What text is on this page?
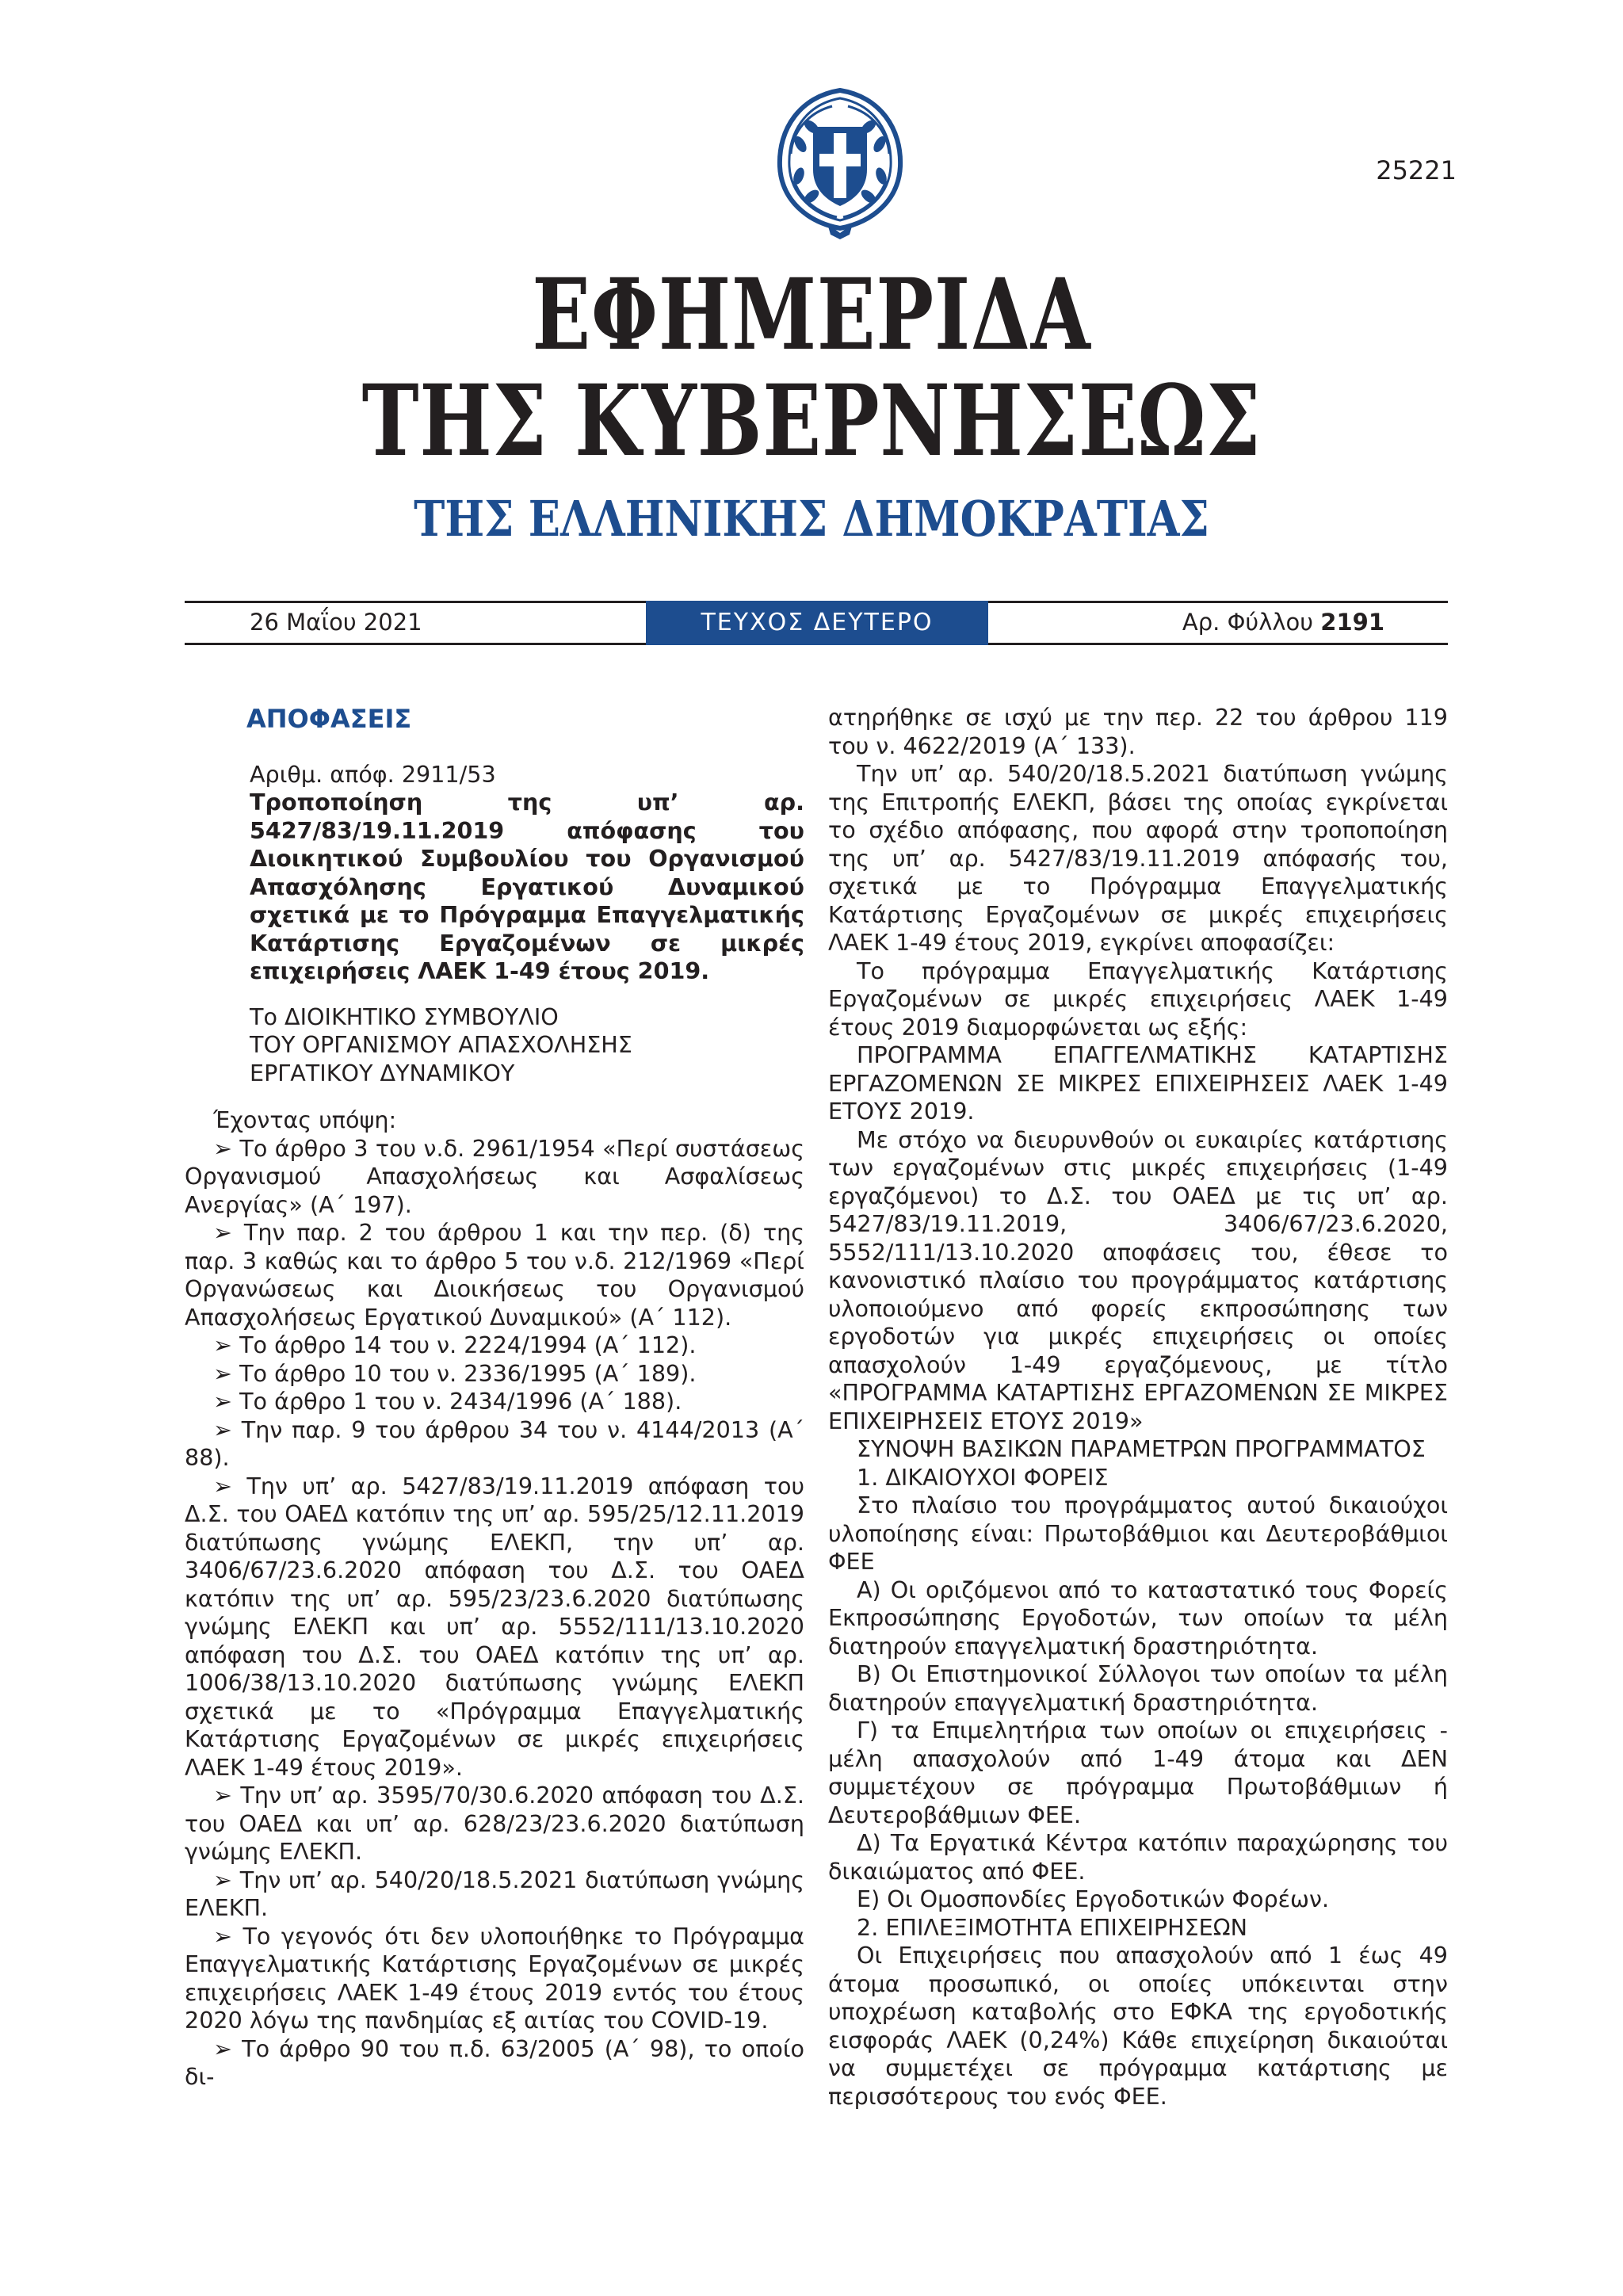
25221
ΕΦΗΜΕΡΙΔΑ
ΤΗΣ ΚΥΒΕΡΝΗΣΕΩΣ
ΤΗΣ ΕΛΛΗΝΙΚΗΣ ΔΗΜΟΚΡΑΤΙΑΣ
26 Μαΐου 2021	ΤΕΥΧΟΣ ΔΕΥΤΕΡΟ	Αρ. Φύλλου 2191

ΑΠΟΦΑΣΕΙΣ

Αριθμ. απόφ. 2911/53

Τροποποίηση της υπ’ αρ. 5427/83/19.11.2019 απόφασης του Διοικητικού Συμβουλίου του Οργανισμού Απασχόλησης Εργατικού Δυναμικού σχετικά με το Πρόγραμμα Επαγγελματικής Κατάρτισης Εργαζομένων σε μικρές επιχειρήσεις ΛΑΕΚ 1-49 έτους 2019.

Το ΔΙΟΙΚΗΤΙΚΟ ΣΥΜΒΟΥΛΙΟ

ΤΟΥ ΟΡΓΑΝΙΣΜΟΥ ΑΠΑΣΧΟΛΗΣΗΣ

ΕΡΓΑΤΙΚΟΥ ΔΥΝΑΜΙΚΟΥ

Έχοντας υπόψη:

➢ Το άρθρο 3 του ν.δ. 2961/1954 «Περί συστάσεως Οργανισμού Απασχολήσεως και Ασφαλίσεως Ανεργίας» (Α΄ 197).

➢ Την παρ. 2 του άρθρου 1 και την περ. (δ) της παρ. 3 καθώς και το άρθρο 5 του ν.δ. 212/1969 «Περί Οργανώσεως και Διοικήσεως του Οργανισμού Απασχολήσεως Εργατικού Δυναμικού» (Α΄ 112).

➢ Το άρθρο 14 του ν. 2224/1994 (Α΄ 112).

➢ Το άρθρο 10 του ν. 2336/1995 (Α΄ 189).

➢ Το άρθρο 1 του ν. 2434/1996 (Α΄ 188).

➢ Την παρ. 9 του άρθρου 34 του ν. 4144/2013 (Α΄ 88).

➢ Την υπ’ αρ. 5427/83/19.11.2019 απόφαση του Δ.Σ. του ΟΑΕΔ κατόπιν της υπ’ αρ. 595/25/12.11.2019 διατύπωσης γνώμης ΕΛΕΚΠ, την υπ’ αρ. 3406/67/23.6.2020 απόφαση του Δ.Σ. του ΟΑΕΔ κατόπιν της υπ’ αρ. 595/23/23.6.2020 διατύπωσης γνώμης ΕΛΕΚΠ και υπ’ αρ. 5552/111/13.10.2020 απόφαση του Δ.Σ. του ΟΑΕΔ κατόπιν της υπ’ αρ. 1006/38/13.10.2020 διατύπωσης γνώμης ΕΛΕΚΠ σχετικά με το «Πρόγραμμα Επαγγελματικής Κατάρτισης Εργαζομένων σε μικρές επιχειρήσεις ΛΑΕΚ 1-49 έτους 2019».

➢ Την υπ’ αρ. 3595/70/30.6.2020 απόφαση του Δ.Σ. του ΟΑΕΔ και υπ’ αρ. 628/23/23.6.2020 διατύπωση γνώμης ΕΛΕΚΠ.

➢ Την υπ’ αρ. 540/20/18.5.2021 διατύπωση γνώμης ΕΛΕΚΠ.

➢ Το γεγονός ότι δεν υλοποιήθηκε το Πρόγραμμα Επαγγελματικής Κατάρτισης Εργαζομένων σε μικρές επιχειρήσεις ΛΑΕΚ 1-49 έτους 2019 εντός του έτους 2020 λόγω της πανδημίας εξ αιτίας του COVID-19.

➢ Το άρθρο 90 του π.δ. 63/2005 (Α΄ 98), το οποίο δι-

ατηρήθηκε σε ισχύ με την περ. 22 του άρθρου 119 του ν. 4622/2019 (Α΄ 133).

Την υπ’ αρ. 540/20/18.5.2021 διατύπωση γνώμης της Επιτροπής ΕΛΕΚΠ, βάσει της οποίας εγκρίνεται το σχέδιο απόφασης, που αφορά στην τροποποίηση της υπ’ αρ. 5427/83/19.11.2019 απόφασής του, σχετικά με το Πρόγραμμα Επαγγελματικής Κατάρτισης Εργαζομένων σε μικρές επιχειρήσεις ΛΑΕΚ 1-49 έτους 2019, εγκρίνει αποφασίζει:

Το πρόγραμμα Επαγγελματικής Κατάρτισης Εργαζομένων σε μικρές επιχειρήσεις ΛΑΕΚ 1-49 έτους 2019 διαμορφώνεται ως εξής:

ΠΡΟΓΡΑΜΜΑ ΕΠΑΓΓΕΛΜΑΤΙΚΗΣ ΚΑΤΑΡΤΙΣΗΣ ΕΡΓΑΖΟΜΕΝΩΝ ΣΕ ΜΙΚΡΕΣ ΕΠΙΧΕΙΡΗΣΕΙΣ ΛΑΕΚ 1-49 ΕΤΟΥΣ 2019.

Με στόχο να διευρυνθούν οι ευκαιρίες κατάρτισης των εργαζομένων στις μικρές επιχειρήσεις (1-49 εργαζόμενοι) το Δ.Σ. του ΟΑΕΔ με τις υπ’ αρ. 5427/83/19.11.2019, 3406/67/23.6.2020, 5552/111/13.10.2020 αποφάσεις του, έθεσε το κανονιστικό πλαίσιο του προγράμματος κατάρτισης υλοποιούμενο από φορείς εκπροσώπησης των εργοδοτών για μικρές επιχειρήσεις οι οποίες απασχολούν 1-49 εργαζόμενους, με τίτλο «ΠΡΟΓΡΑΜΜΑ ΚΑΤΑΡΤΙΣΗΣ ΕΡΓΑΖΟΜΕΝΩΝ ΣΕ ΜΙΚΡΕΣ ΕΠΙΧΕΙΡΗΣΕΙΣ ΕΤΟΥΣ 2019»

ΣΥΝΟΨΗ ΒΑΣΙΚΩΝ ΠΑΡΑΜΕΤΡΩΝ ΠΡΟΓΡΑΜΜΑΤΟΣ

1. ΔΙΚΑΙΟΥΧΟΙ ΦΟΡΕΙΣ

Στο πλαίσιο του προγράμματος αυτού δικαιούχοι υλοποίησης είναι: Πρωτοβάθμιοι και Δευτεροβάθμιοι ΦΕΕ

Α) Οι οριζόμενοι από το καταστατικό τους Φορείς Εκπροσώπησης Εργοδοτών, των οποίων τα μέλη διατηρούν επαγγελματική δραστηριότητα.

Β) Οι Επιστημονικοί Σύλλογοι των οποίων τα μέλη διατηρούν επαγγελματική δραστηριότητα.

Γ) τα Επιμελητήρια των οποίων οι επιχειρήσεις - μέλη απασχολούν από 1-49 άτομα και ΔΕΝ συμμετέχουν σε πρόγραμμα Πρωτοβάθμιων ή Δευτεροβάθμιων ΦΕΕ.

Δ) Τα Εργατικά Κέντρα κατόπιν παραχώρησης του δικαιώματος από ΦΕΕ.

Ε) Οι Ομοσπονδίες Εργοδοτικών Φορέων.

2. ΕΠΙΛΕΞΙΜΟΤΗΤΑ ΕΠΙΧΕΙΡΗΣΕΩΝ

Οι Επιχειρήσεις που απασχολούν από 1 έως 49 άτομα προσωπικό, οι οποίες υπόκεινται στην υποχρέωση καταβολής στο ΕΦΚΑ της εργοδοτικής εισφοράς ΛΑΕΚ (0,24%) Κάθε επιχείρηση δικαιούται να συμμετέχει σε πρόγραμμα κατάρτισης με περισσότερους του ενός ΦΕΕ.
